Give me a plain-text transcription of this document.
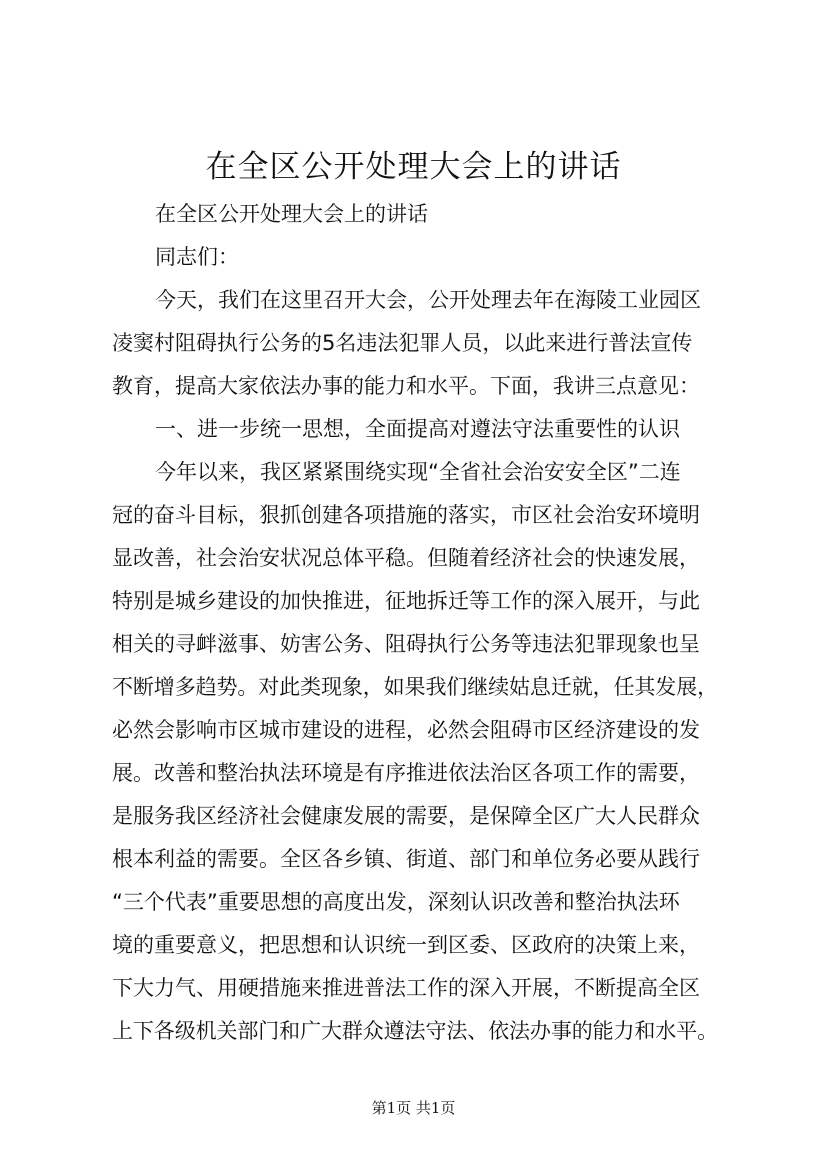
在全区公开处理大会上的讲话
在全区公开处理大会上的讲话
同志们：
今天，我们在这里召开大会，公开处理去年在海陵工业园区
凌窦村阻碍执行公务的5名违法犯罪人员，以此来进行普法宣传
教育，提高大家依法办事的能力和水平。下面，我讲三点意见：
一、进一步统一思想，全面提高对遵法守法重要性的认识
今年以来，我区紧紧围绕实现“全省社会治安安全区”二连
冠的奋斗目标，狠抓创建各项措施的落实，市区社会治安环境明
显改善，社会治安状况总体平稳。但随着经济社会的快速发展，
特别是城乡建设的加快推进，征地拆迁等工作的深入展开，与此
相关的寻衅滋事、妨害公务、阻碍执行公务等违法犯罪现象也呈
不断增多趋势。对此类现象，如果我们继续姑息迁就，任其发展，
必然会影响市区城市建设的进程，必然会阻碍市区经济建设的发
展。改善和整治执法环境是有序推进依法治区各项工作的需要，
是服务我区经济社会健康发展的需要，是保障全区广大人民群众
根本利益的需要。全区各乡镇、街道、部门和单位务必要从践行
“三个代表”重要思想的高度出发，深刻认识改善和整治执法环
境的重要意义，把思想和认识统一到区委、区政府的决策上来，
下大力气、用硬措施来推进普法工作的深入开展，不断提高全区
上下各级机关部门和广大群众遵法守法、依法办事的能力和水平。
第1页 共1页
